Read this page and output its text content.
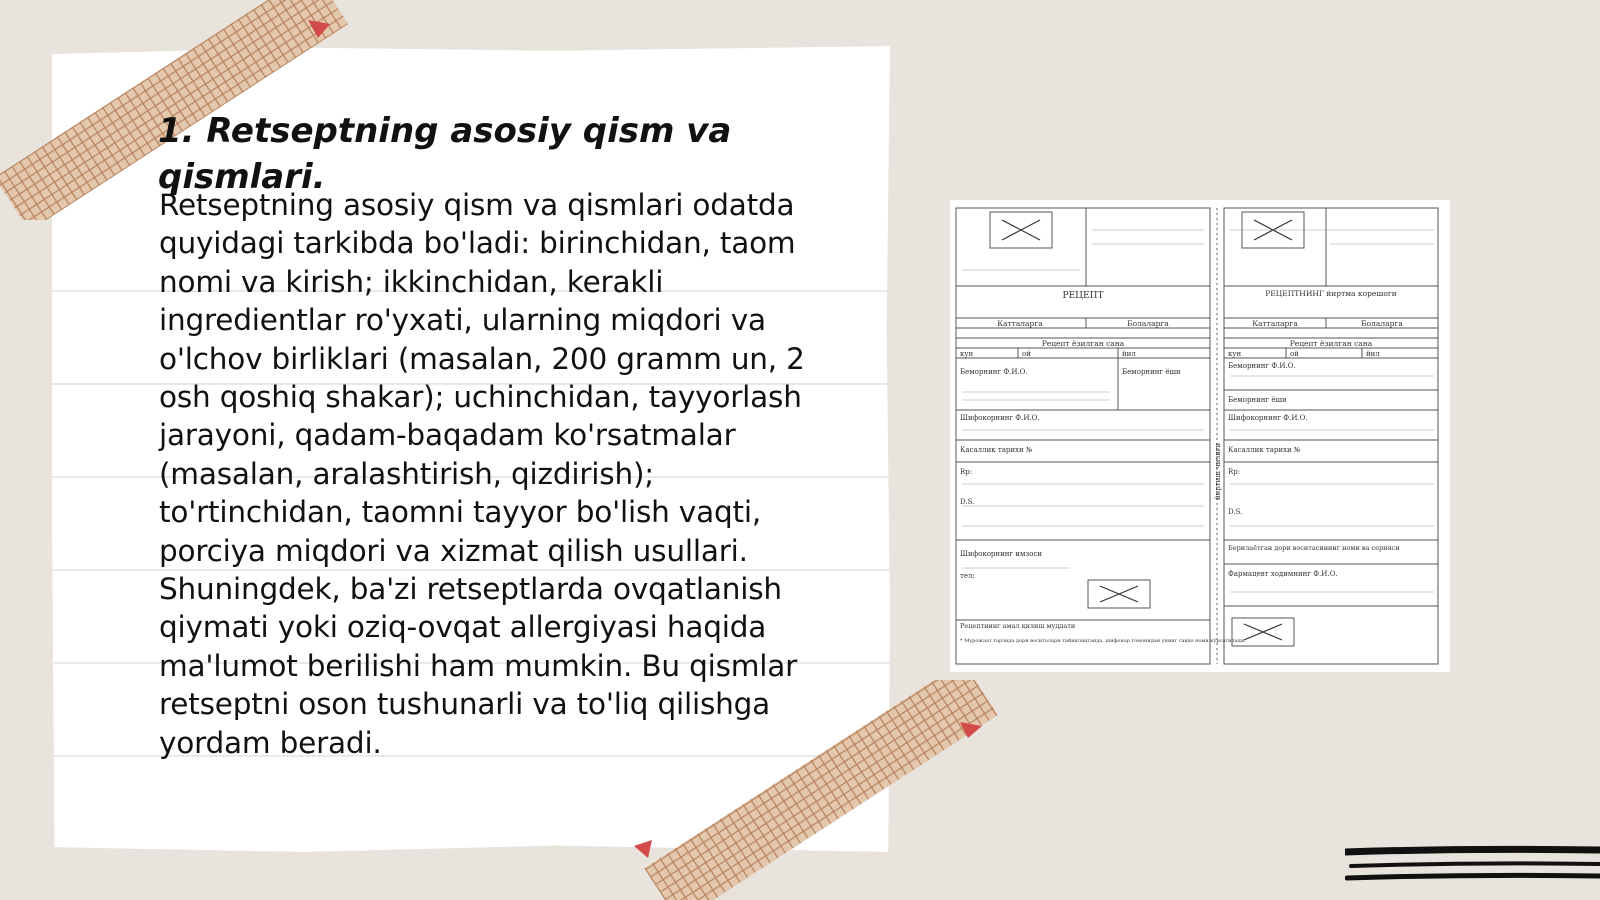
1. Retseptning asosiy qism va qismlari.

Retseptning asosiy qism va qismlari odatda quyidagi tarkibda bo'ladi: birinchidan, taom nomi va kirish; ikkinchidan, kerakli ingredientlar ro'yxati, ularning miqdori va o'lchov birliklari (masalan, 200 gramm un, 2 osh qoshiq shakar); uchinchidan, tayyorlash jarayoni, qadam-baqadam ko'rsatmalar (masalan, aralashtirish, qizdirish); to'rtinchidan, taomni tayyor bo'lish vaqti, porciya miqdori va xizmat qilish usullari. Shuningdek, ba'zi retseptlarda ovqatlanish qiymati yoki oziq-ovqat allergiyasi haqida ma'lumot berilishi ham mumkin. Bu qismlar retseptni oson tushunarli va to'liq qilishga yordam beradi.

РЕЦЕПТ
Катталарга	Болаларга
Рецепт ёзилган сана
кун	ой	йил
Беморнинг Ф.И.О.	Беморнинг ёши
Шифокорнинг Ф.И.О.
Касаллик тарихи №
Rp:
D.S.
Шифокорнинг имзоси
тел:
Рецептнинг амал қилиш муддати
* Мурожаат тарзида дори воситалари тайинланганда, шифокор томонидан унинг савдо номи кўрсатилади.
РЕЦЕПТНИНГ йиртма корешоги
Катталарга	Болаларга
Рецепт ёзилган сана
кун	ой	йил
Беморнинг Ф.И.О.
Беморнинг ёши
Шифокорнинг Ф.И.О.
Касаллик тарихи №
Rp:
D.S.
Берилаётган дори воситасининг номи ва серияси
Фармацевт ходимнинг Ф.И.О.
йиртиш чизиғи
